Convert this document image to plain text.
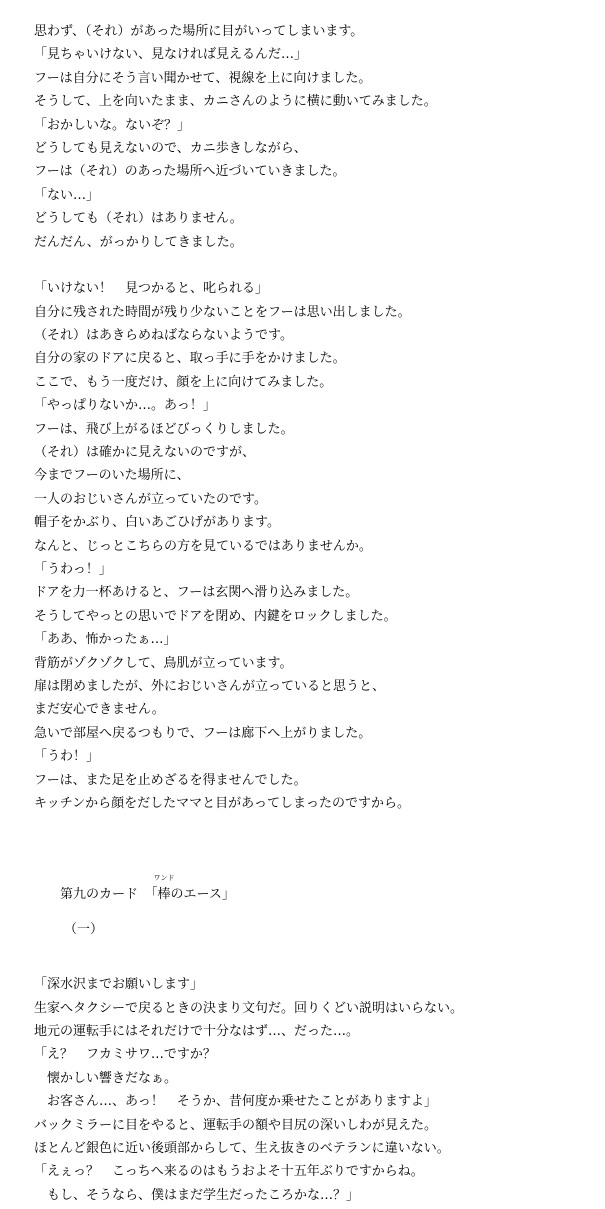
思わず、（それ）があった場所に目がいってしまいます。
「見ちゃいけない、見なければ見えるんだ…」
フーは自分にそう言い聞かせて、視線を上に向けました。
そうして、上を向いたまま、カニさんのように横に動いてみました。
「おかしいな。ないぞ？」
どうしても見えないので、カニ歩きしながら、
フーは（それ）のあった場所へ近づいていきました。
「ない…」
どうしても（それ）はありません。
だんだん、がっかりしてきました。
「いけない！　見つかると、叱られる」
自分に残された時間が残り少ないことをフーは思い出しました。
（それ）はあきらめねばならないようです。
自分の家のドアに戻ると、取っ手に手をかけました。
ここで、もう一度だけ、顔を上に向けてみました。
「やっぱりないか…。あっ！」
フーは、飛び上がるほどびっくりしました。
（それ）は確かに見えないのですが、
今までフーのいた場所に、
一人のおじいさんが立っていたのです。
帽子をかぶり、白いあごひげがあります。
なんと、じっとこちらの方を見ているではありませんか。
「うわっ！」
ドアを力一杯あけると、フーは玄関へ滑り込みました。
そうしてやっとの思いでドアを閉め、内鍵をロックしました。
「ああ、怖かったぁ…」
背筋がゾクゾクして、鳥肌が立っています。
扉は閉めましたが、外におじいさんが立っていると思うと、
まだ安心できません。
急いで部屋へ戻るつもりで、フーは廊下へ上がりました。
「うわ！」
フーは、また足を止めざるを得ませんでした。
キッチンから顔をだしたママと目があってしまったのですから。

第九のカード　「
ワンド
棒のエース」

（一）
「深水沢までお願いします」
生家へタクシーで戻るときの決まり文句だ。回りくどい説明はいらない。
地元の運転手にはそれだけで十分なはず…、だった…。
「え？　フカミサワ…ですか？
　懐かしい響きだなぁ。
　お客さん…、あっ！　そうか、昔何度か乗せたことがありますよ」
バックミラーに目をやると、運転手の額や目尻の深いしわが見えた。
ほとんど銀色に近い後頭部からして、生え抜きのベテランに違いない。
「えぇっ？　こっちへ来るのはもうおよそ十五年ぶりですからね。
　もし、そうなら、僕はまだ学生だったころかな…？」
